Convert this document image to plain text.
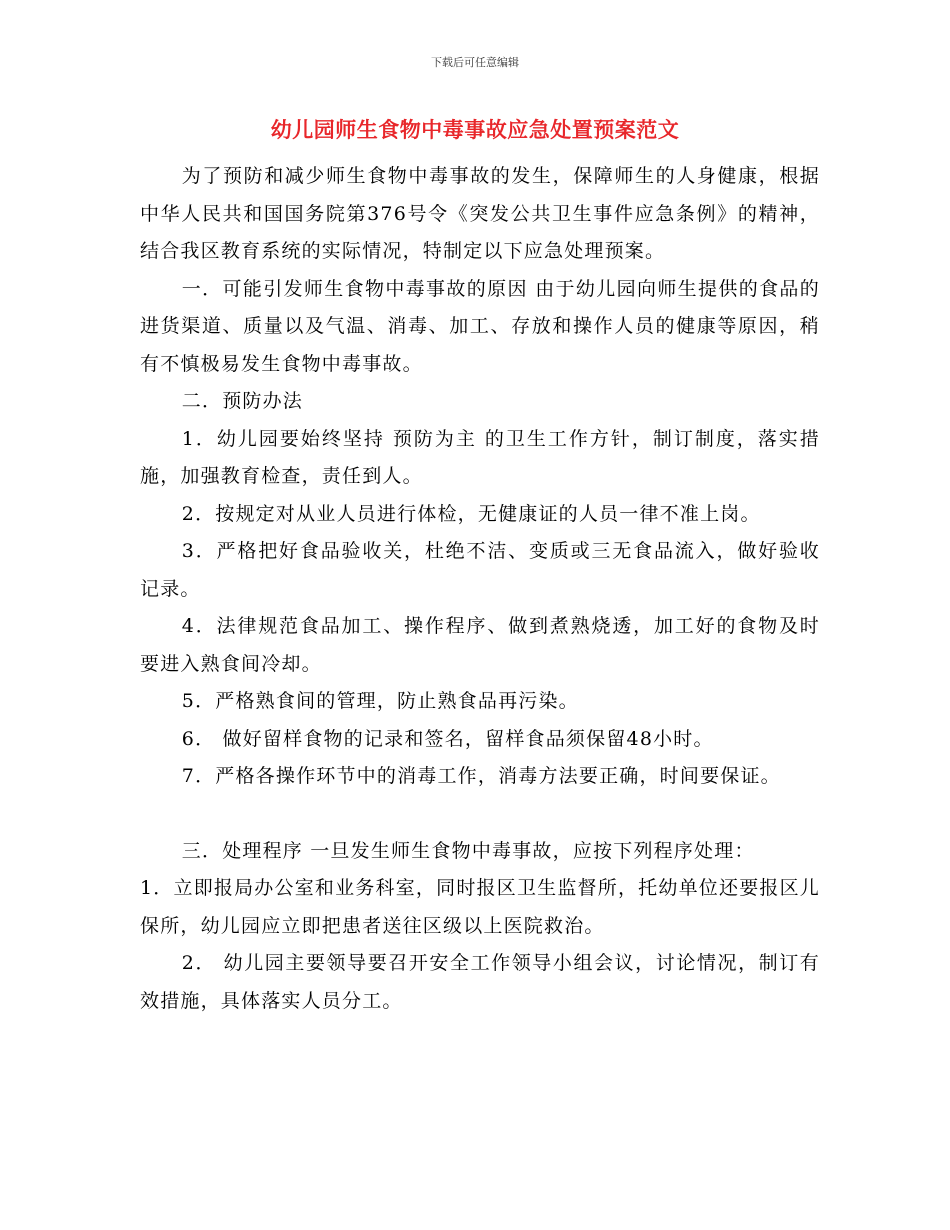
下载后可任意编辑
幼儿园师生食物中毒事故应急处置预案范文

为了预防和减少师生食物中毒事故的发生，保障师生的人身健康，根据中华人民共和国国务院第376号令《突发公共卫生事件应急条例》的精神，结合我区教育系统的实际情况，特制定以下应急处理预案。

一．可能引发师生食物中毒事故的原因 由于幼儿园向师生提供的食品的进货渠道、质量以及气温、消毒、加工、存放和操作人员的健康等原因，稍有不慎极易发生食物中毒事故。

二．预防办法

1．幼儿园要始终坚持 预防为主 的卫生工作方针，制订制度，落实措施，加强教育检查，责任到人。

2．按规定对从业人员进行体检，无健康证的人员一律不准上岗。

3．严格把好食品验收关，杜绝不洁、变质或三无食品流入，做好验收记录。

4．法律规范食品加工、操作程序、做到煮熟烧透，加工好的食物及时要进入熟食间冷却。

5．严格熟食间的管理，防止熟食品再污染。

6． 做好留样食物的记录和签名，留样食品须保留48小时。

7．严格各操作环节中的消毒工作，消毒方法要正确，时间要保证。

三．处理程序 一旦发生师生食物中毒事故，应按下列程序处理：

1．立即报局办公室和业务科室，同时报区卫生监督所，托幼单位还要报区儿保所，幼儿园应立即把患者送往区级以上医院救治。

2． 幼儿园主要领导要召开安全工作领导小组会议，讨论情况，制订有效措施，具体落实人员分工。
